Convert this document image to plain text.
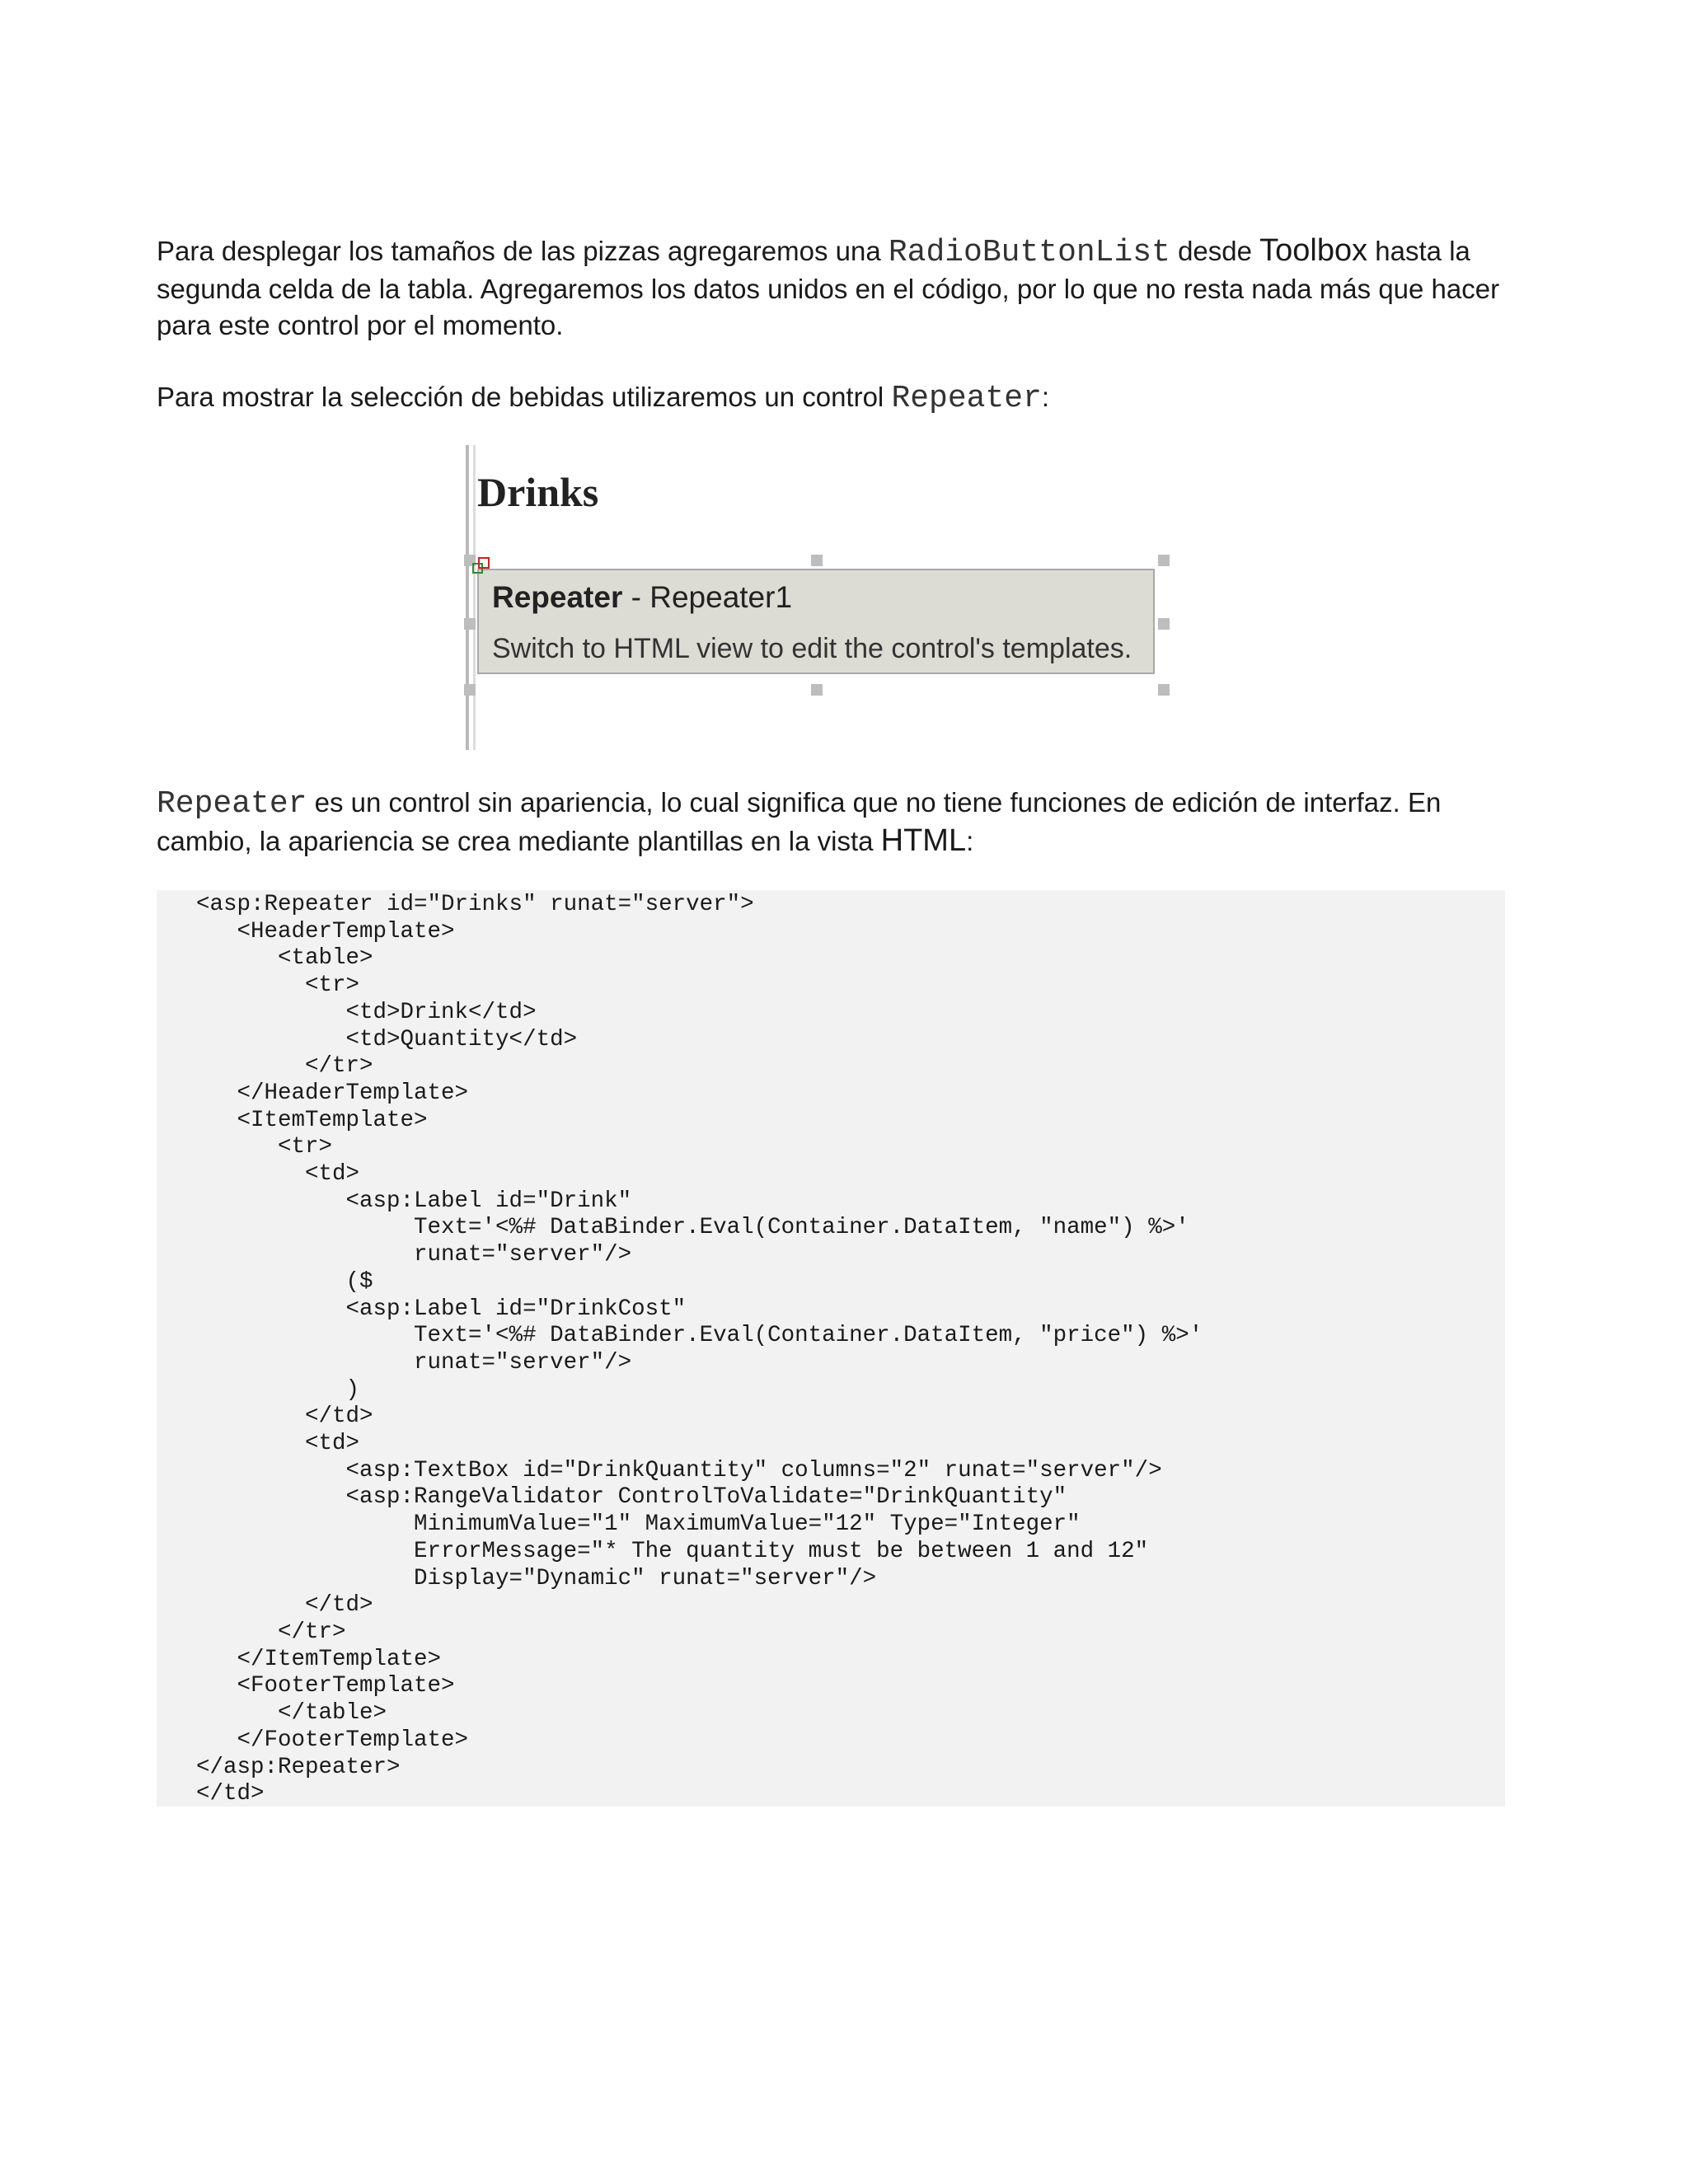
Para desplegar los tamaños de las pizzas agregaremos una RadioButtonList desde Toolbox hasta la segunda celda de la tabla. Agregaremos los datos unidos en el código, por lo que no resta nada más que hacer para este control por el momento.

Para mostrar la selección de bebidas utilizaremos un control Repeater:

Drinks
Repeater - Repeater1
Switch to HTML view to edit the control's templates.

Repeater es un control sin apariencia, lo cual significa que no tiene funciones de edición de interfaz. En cambio, la apariencia se crea mediante plantillas en la vista HTML:

<asp:Repeater id="Drinks" runat="server">
<HeaderTemplate>
<table>
<tr>
<td>Drink</td>
<td>Quantity</td>
</tr>
</HeaderTemplate>
<ItemTemplate>
<tr>
<td>
<asp:Label id="Drink"
Text='<%# DataBinder.Eval(Container.DataItem, "name") %>'
runat="server"/>
($
<asp:Label id="DrinkCost"
Text='<%# DataBinder.Eval(Container.DataItem, "price") %>'
runat="server"/>
)
</td>
<td>
<asp:TextBox id="DrinkQuantity" columns="2" runat="server"/>
<asp:RangeValidator ControlToValidate="DrinkQuantity"
MinimumValue="1" MaximumValue="12" Type="Integer"
ErrorMessage="* The quantity must be between 1 and 12"
Display="Dynamic" runat="server"/>
</td>
</tr>
</ItemTemplate>
<FooterTemplate>
</table>
</FooterTemplate>
</asp:Repeater>
</td>
